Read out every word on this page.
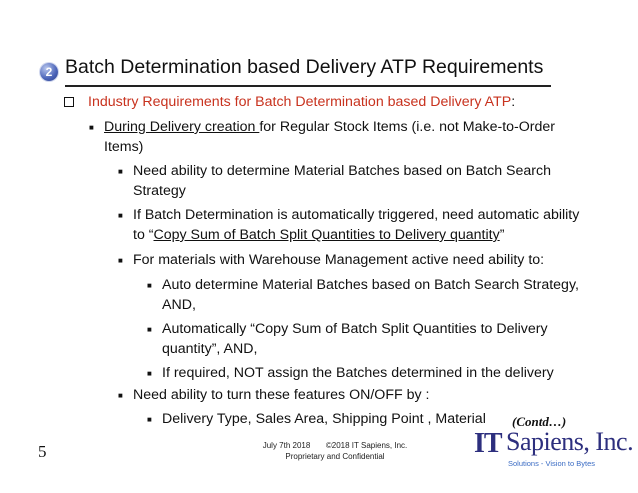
2 Batch Determination based Delivery ATP Requirements
Industry Requirements for Batch Determination based Delivery ATP:
■ During Delivery creation for Regular Stock Items (i.e. not Make-to-Order
Items)
■ Need ability to determine Material Batches based on Batch Search
Strategy
■ If Batch Determination is automatically triggered, need automatic ability
to “Copy Sum of Batch Split Quantities to Delivery quantity”
■ For materials with Warehouse Management active need ability to:
■ Auto determine Material Batches based on Batch Search Strategy,
AND,
■ Automatically “Copy Sum of Batch Split Quantities to Delivery
quantity”, AND,
■ If required, NOT assign the Batches determined in the delivery
■ Need ability to turn these features ON/OFF by :
■ Delivery Type, Sales Area, Shipping Point , Material (Contd…)
5	July 7th 2018 ©2018 IT Sapiens, Inc.
Proprietary and Confidential	IT Sapiens, Inc.
Solutions - Vision to Bytes
